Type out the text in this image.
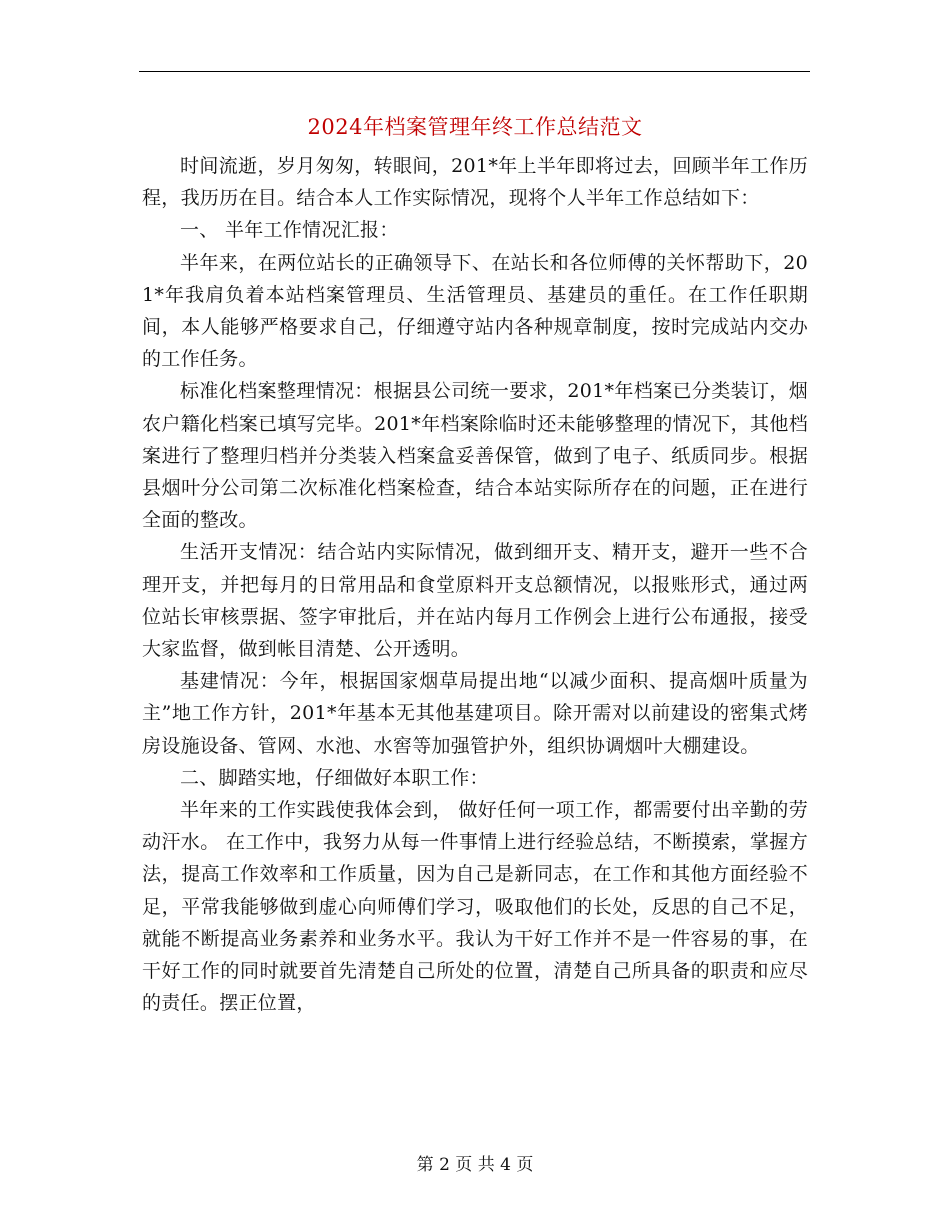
2024年档案管理年终工作总结范文

时间流逝，岁月匆匆，转眼间，201*年上半年即将过去，回顾半年工作历程，我历历在目。结合本人工作实际情况，现将个人半年工作总结如下：

一、 半年工作情况汇报：

半年来，在两位站长的正确领导下、在站长和各位师傅的关怀帮助下，201*年我肩负着本站档案管理员、生活管理员、基建员的重任。在工作任职期间，本人能够严格要求自己，仔细遵守站内各种规章制度，按时完成站内交办的工作任务。

标准化档案整理情况：根据县公司统一要求，201*年档案已分类装订，烟农户籍化档案已填写完毕。201*年档案除临时还未能够整理的情况下，其他档案进行了整理归档并分类装入档案盒妥善保管，做到了电子、纸质同步。根据县烟叶分公司第二次标准化档案检查，结合本站实际所存在的问题，正在进行全面的整改。

生活开支情况：结合站内实际情况，做到细开支、精开支，避开一些不合理开支，并把每月的日常用品和食堂原料开支总额情况，以报账形式，通过两位站长审核票据、签字审批后，并在站内每月工作例会上进行公布通报，接受大家监督，做到帐目清楚、公开透明。

基建情况：今年，根据国家烟草局提出地“以减少面积、提高烟叶质量为主”地工作方针，201*年基本无其他基建项目。除开需对以前建设的密集式烤房设施设备、管网、水池、水窖等加强管护外，组织协调烟叶大棚建设。

二、脚踏实地，仔细做好本职工作：

半年来的工作实践使我体会到， 做好任何一项工作，都需要付出辛勤的劳动汗水。 在工作中，我努力从每一件事情上进行经验总结，不断摸索，掌握方法，提高工作效率和工作质量，因为自己是新同志，在工作和其他方面经验不足，平常我能够做到虚心向师傅们学习，吸取他们的长处，反思的自己不足，就能不断提高业务素养和业务水平。我认为干好工作并不是一件容易的事，在干好工作的同时就要首先清楚自己所处的位置，清楚自己所具备的职责和应尽的责任。摆正位置，

第 2 页 共 4 页
